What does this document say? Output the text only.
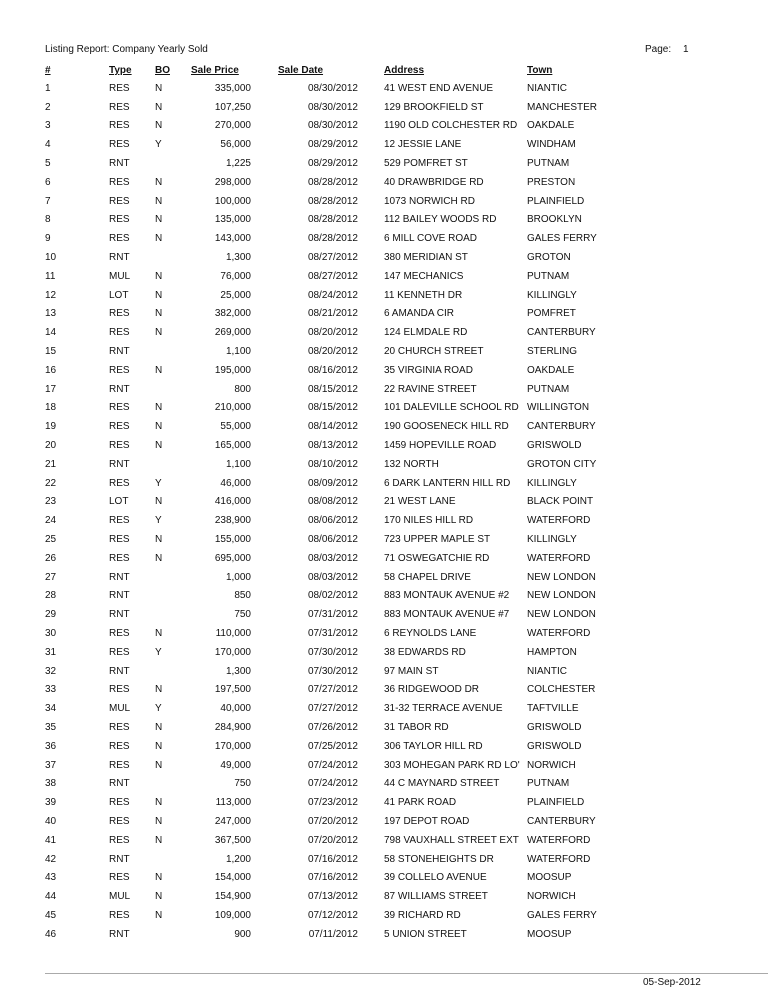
Listing Report: Company Yearly Sold	Page: 1
#	Type	BO	Sale Price	Sale Date	Address	Town
1	RES	N	335,000	08/30/2012	41 WEST END AVENUE	NIANTIC
2	RES	N	107,250	08/30/2012	129 BROOKFIELD ST	MANCHESTER
3	RES	N	270,000	08/30/2012	1190 OLD COLCHESTER RD	OAKDALE
4	RES	Y	56,000	08/29/2012	12 JESSIE LANE	WINDHAM
5	RNT		1,225	08/29/2012	529 POMFRET ST	PUTNAM
6	RES	N	298,000	08/28/2012	40 DRAWBRIDGE RD	PRESTON
7	RES	N	100,000	08/28/2012	1073 NORWICH RD	PLAINFIELD
8	RES	N	135,000	08/28/2012	112 BAILEY WOODS RD	BROOKLYN
9	RES	N	143,000	08/28/2012	6 MILL COVE ROAD	GALES FERRY
10	RNT		1,300	08/27/2012	380 MERIDIAN ST	GROTON
11	MUL	N	76,000	08/27/2012	147 MECHANICS	PUTNAM
12	LOT	N	25,000	08/24/2012	11 KENNETH DR	KILLINGLY
13	RES	N	382,000	08/21/2012	6 AMANDA CIR	POMFRET
14	RES	N	269,000	08/20/2012	124 ELMDALE RD	CANTERBURY
15	RNT		1,100	08/20/2012	20 CHURCH STREET	STERLING
16	RES	N	195,000	08/16/2012	35 VIRGINIA ROAD	OAKDALE
17	RNT		800	08/15/2012	22 RAVINE STREET	PUTNAM
18	RES	N	210,000	08/15/2012	101 DALEVILLE SCHOOL RD	WILLINGTON
19	RES	N	55,000	08/14/2012	190 GOOSENECK HILL RD	CANTERBURY
20	RES	N	165,000	08/13/2012	1459 HOPEVILLE ROAD	GRISWOLD
21	RNT		1,100	08/10/2012	132 NORTH	GROTON CITY
22	RES	Y	46,000	08/09/2012	6 DARK LANTERN HILL RD	KILLINGLY
23	LOT	N	416,000	08/08/2012	21 WEST LANE	BLACK POINT
24	RES	Y	238,900	08/06/2012	170 NILES HILL RD	WATERFORD
25	RES	N	155,000	08/06/2012	723 UPPER MAPLE ST	KILLINGLY
26	RES	N	695,000	08/03/2012	71 OSWEGATCHIE RD	WATERFORD
27	RNT		1,000	08/03/2012	58 CHAPEL DRIVE	NEW LONDON
28	RNT		850	08/02/2012	883 MONTAUK AVENUE #2	NEW LONDON
29	RNT		750	07/31/2012	883 MONTAUK AVENUE #7	NEW LONDON
30	RES	N	110,000	07/31/2012	6 REYNOLDS LANE	WATERFORD
31	RES	Y	170,000	07/30/2012	38 EDWARDS RD	HAMPTON
32	RNT		1,300	07/30/2012	97 MAIN ST	NIANTIC
33	RES	N	197,500	07/27/2012	36 RIDGEWOOD DR	COLCHESTER
34	MUL	Y	40,000	07/27/2012	31-32 TERRACE AVENUE	TAFTVILLE
35	RES	N	284,900	07/26/2012	31 TABOR RD	GRISWOLD
36	RES	N	170,000	07/25/2012	306 TAYLOR HILL RD	GRISWOLD
37	RES	N	49,000	07/24/2012	303 MOHEGAN PARK RD LO'	NORWICH
38	RNT		750	07/24/2012	44 C MAYNARD STREET	PUTNAM
39	RES	N	113,000	07/23/2012	41 PARK ROAD	PLAINFIELD
40	RES	N	247,000	07/20/2012	197 DEPOT ROAD	CANTERBURY
41	RES	N	367,500	07/20/2012	798 VAUXHALL STREET EXT	WATERFORD
42	RNT		1,200	07/16/2012	58 STONEHEIGHTS DR	WATERFORD
43	RES	N	154,000	07/16/2012	39 COLLELO AVENUE	MOOSUP
44	MUL	N	154,900	07/13/2012	87 WILLIAMS STREET	NORWICH
45	RES	N	109,000	07/12/2012	39 RICHARD RD	GALES FERRY
46	RNT		900	07/11/2012	5 UNION STREET	MOOSUP
05-Sep-2012
